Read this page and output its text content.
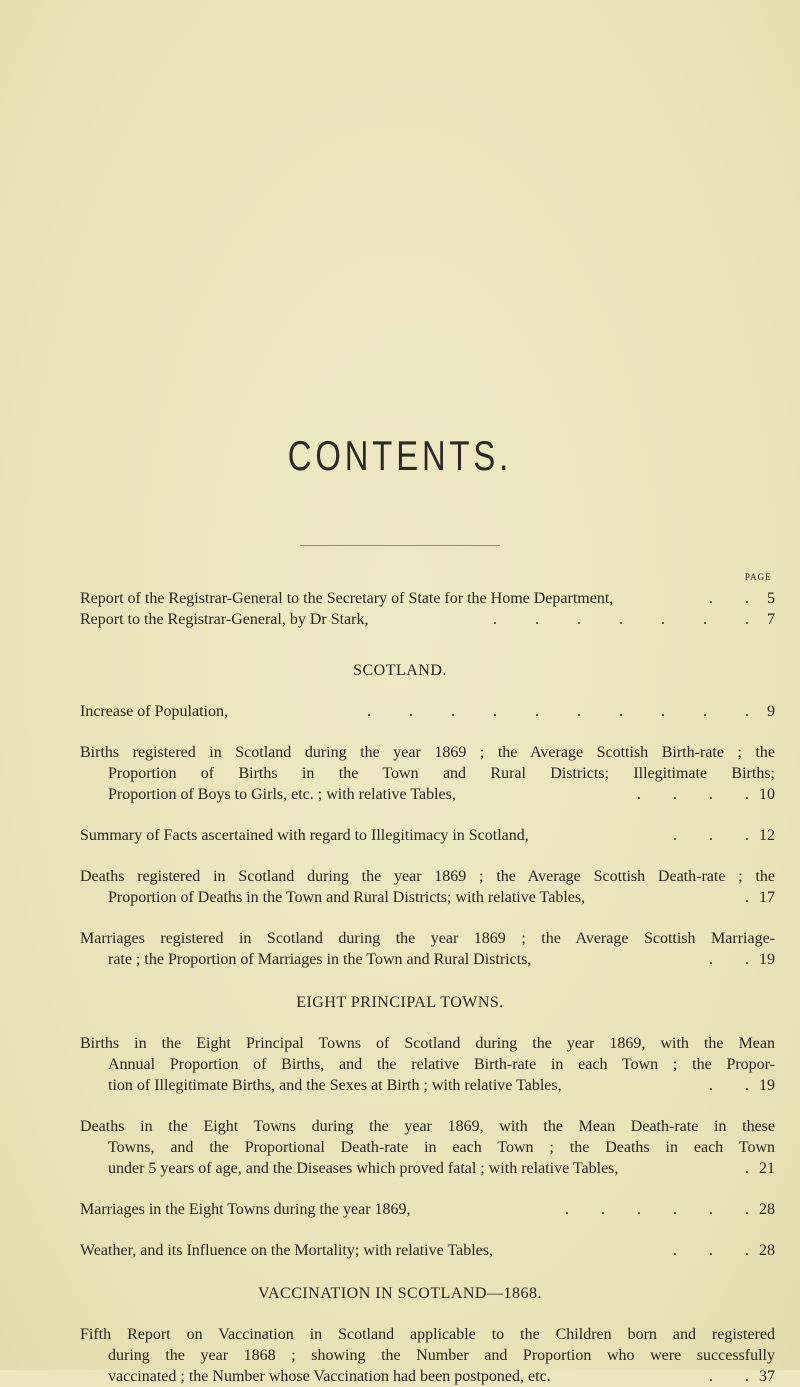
CONTENTS.
PAGE
Report of the Registrar-General to the Secretary of State for the Home Department,	.     .	5
Report to the Registrar-General, by Dr Stark,	.      .      .      .      .      .      .	7
SCOTLAND.
Increase of Population,	.      .      .      .      .      .      .      .      .      .	9
Births registered in Scotland during the year 1869 ; the Average Scottish Birth-rate ; the
Proportion of Births in the Town and Rural Districts; Illegitimate Births;
Proportion of Boys to Girls, etc. ; with relative Tables,	.     .     .     . 10
Summary of Facts ascertained with regard to Illegitimacy in Scotland,	.     .     . 12
Deaths registered in Scotland during the year 1869 ; the Average Scottish Death-rate ; the
Proportion of Deaths in the Town and Rural Districts; with relative Tables,	. 17
Marriages registered in Scotland during the year 1869 ; the Average Scottish Marriage-
rate ; the Proportion of Marriages in the Town and Rural Districts,	.     . 19
EIGHT PRINCIPAL TOWNS.
Births in the Eight Principal Towns of Scotland during the year 1869, with the Mean
Annual Proportion of Births, and the relative Birth-rate in each Town ; the Propor-
tion of Illegitimate Births, and the Sexes at Birth ; with relative Tables,	.     . 19
Deaths in the Eight Towns during the year 1869, with the Mean Death-rate in these
Towns, and the Proportional Death-rate in each Town ; the Deaths in each Town
under 5 years of age, and the Diseases which proved fatal ; with relative Tables,	. 21
Marriages in the Eight Towns during the year 1869,	.     .     .     .     .     . 28
Weather, and its Influence on the Mortality; with relative Tables,	.     .     . 28
VACCINATION IN SCOTLAND—1868.
Fifth Report on Vaccination in Scotland applicable to the Children born and registered
during the year 1868 ; showing the Number and Proportion who were successfully
vaccinated ; the Number whose Vaccination had been postponed, etc.	.     . 37
